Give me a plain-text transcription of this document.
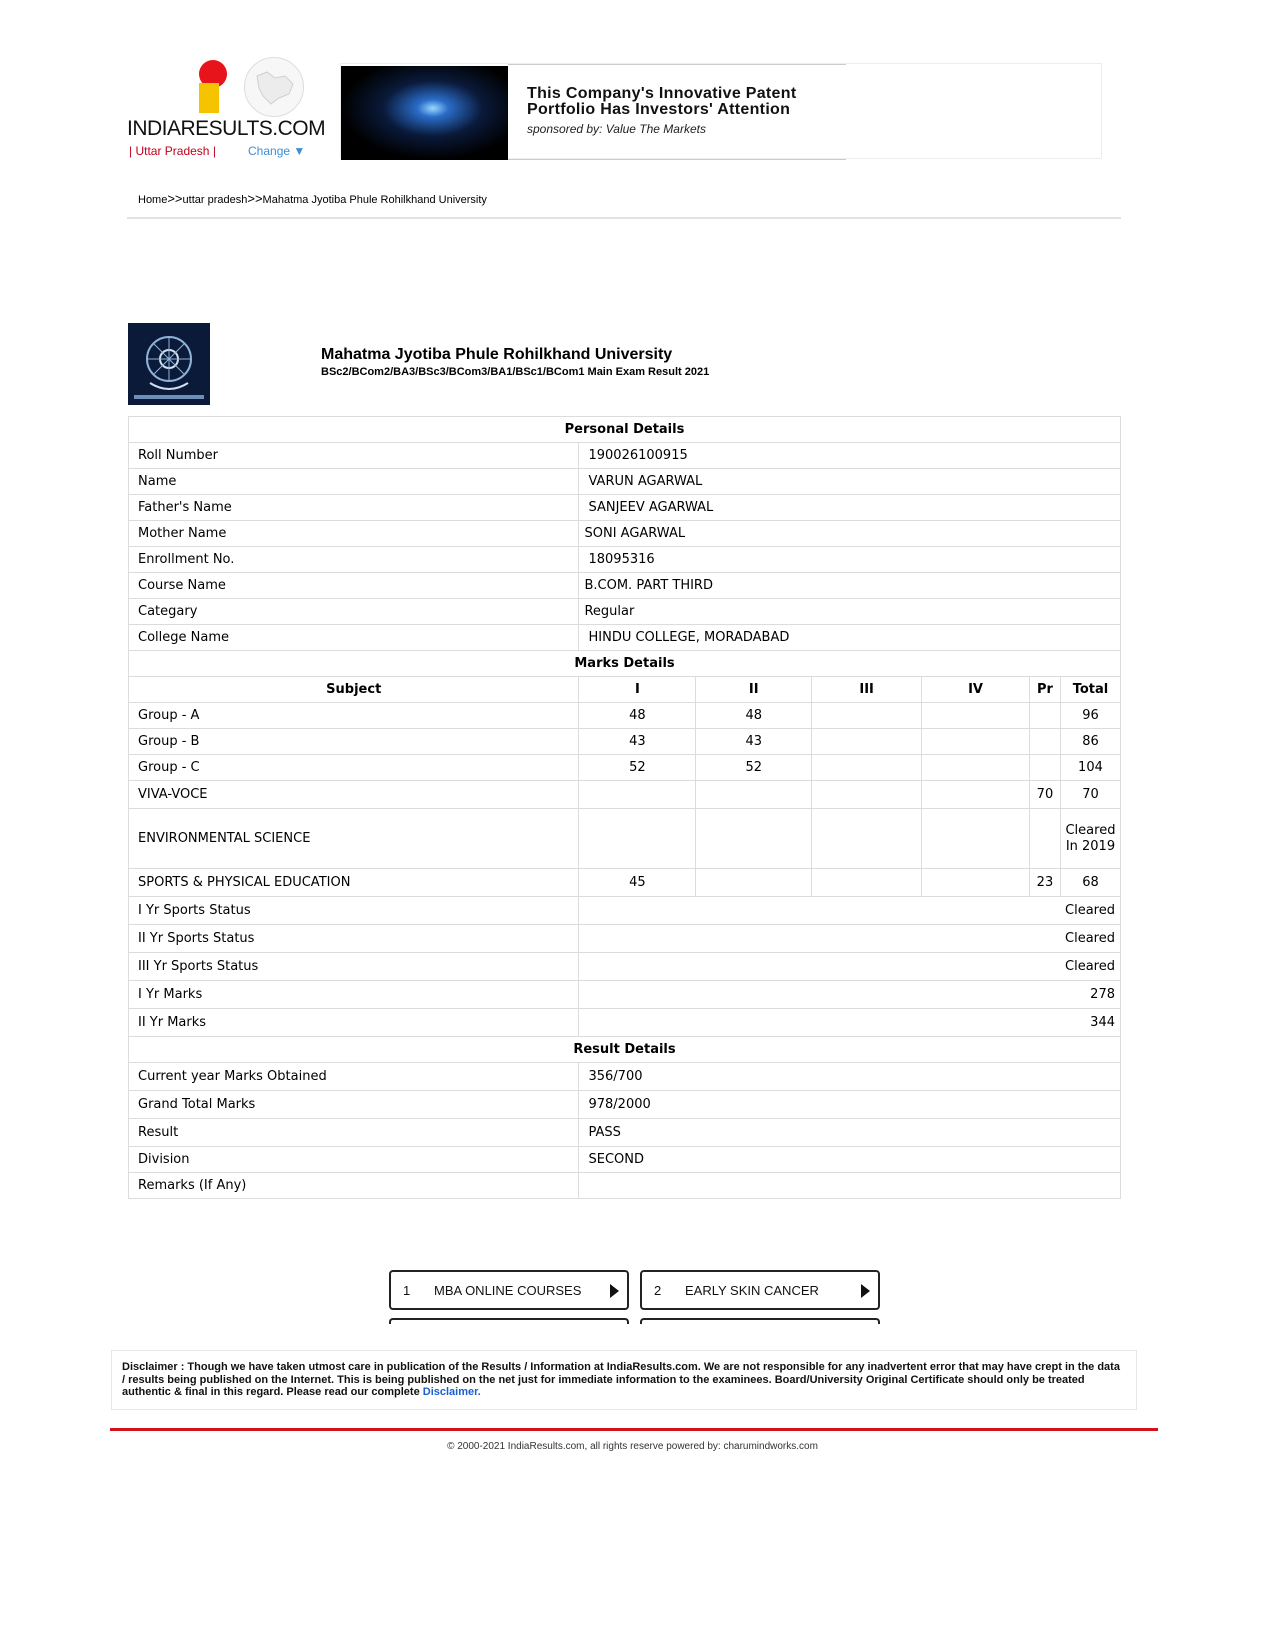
INDIARESULTS.COM
| Uttar Pradesh |	Change ▼
This Company's Innovative Patent
Portfolio Has Investors' Attention
sponsored by: Value The Markets
Home>>uttar pradesh>>Mahatma Jyotiba Phule Rohilkhand University
Mahatma Jyotiba Phule Rohilkhand University
BSc2/BCom2/BA3/BSc3/BCom3/BA1/BSc1/BCom1 Main Exam Result 2021
Personal Details						
Roll Number	190026100915					
Name	VARUN AGARWAL					
Father's Name	SANJEEV AGARWAL					
Mother Name	SONI AGARWAL					
Enrollment No.	18095316					
Course Name	B.COM. PART THIRD					
Categary	Regular					
College Name	HINDU COLLEGE, MORADABAD					
Marks Details						
Subject	I	II	III	IV	Pr	Total
Group - A	48	48				96
Group - B	43	43				86
Group - C	52	52				104
VIVA-VOCE					70	70
ENVIRONMENTAL SCIENCE						Cleared In 2019
SPORTS & PHYSICAL EDUCATION	45				23	68
I Yr Sports Status	Cleared					
II Yr Sports Status	Cleared					
III Yr Sports Status	Cleared					
I Yr Marks	278					
II Yr Marks	344					
Result Details						
Current year Marks Obtained	356/700					
Grand Total Marks	978/2000					
Result	PASS					
Division	SECOND					
Remarks (If Any)						
1 MBA ONLINE COURSES	2 EARLY SKIN CANCER
Disclaimer : Though we have taken utmost care in publication of the Results / Information at IndiaResults.com. We are not responsible for any inadvertent error that may have crept in the data / results being published on the Internet. This is being published on the net just for immediate information to the examinees. Board/University Original Certificate should only be treated authentic & final in this regard. Please read our complete Disclaimer.
© 2000-2021 IndiaResults.com, all rights reserve powered by: charumindworks.com
